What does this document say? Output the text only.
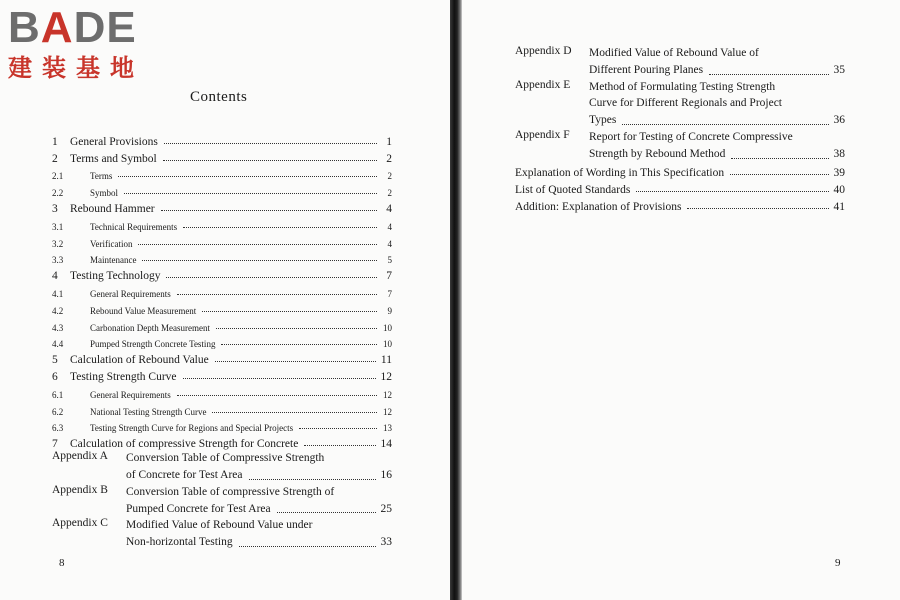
BADE
建装基地
Contents
1	General Provisions	1
2	Terms and Symbol	2
2.1	Terms	2
2.2	Symbol	2
3	Rebound Hammer	4
3.1	Technical Requirements	4
3.2	Verification	4
3.3	Maintenance	5
4	Testing Technology	7
4.1	General Requirements	7
4.2	Rebound Value Measurement	9
4.3	Carbonation Depth Measurement	10
4.4	Pumped Strength Concrete Testing	10
5	Calculation of Rebound Value	11
6	Testing Strength Curve	12
6.1	General Requirements	12
6.2	National Testing Strength Curve	12
6.3	Testing Strength Curve for Regions and Special Projects	13
7	Calculation of compressive Strength for Concrete	14
Appendix A	Conversion Table of Compressive Strength
of Concrete for Test Area	16
Appendix B	Conversion Table of compressive Strength of
Pumped Concrete for Test Area	25
Appendix C	Modified Value of Rebound Value under
Non-horizontal Testing	33
8
Appendix D	Modified Value of Rebound Value of
Different Pouring Planes	35
Appendix E	Method of Formulating Testing Strength
Curve for Different Regionals and Project
Types	36
Appendix F	Report for Testing of Concrete Compressive
Strength by Rebound Method	38
Explanation of Wording in This Specification	39
List of Quoted Standards	40
Addition: Explanation of Provisions	41
9
